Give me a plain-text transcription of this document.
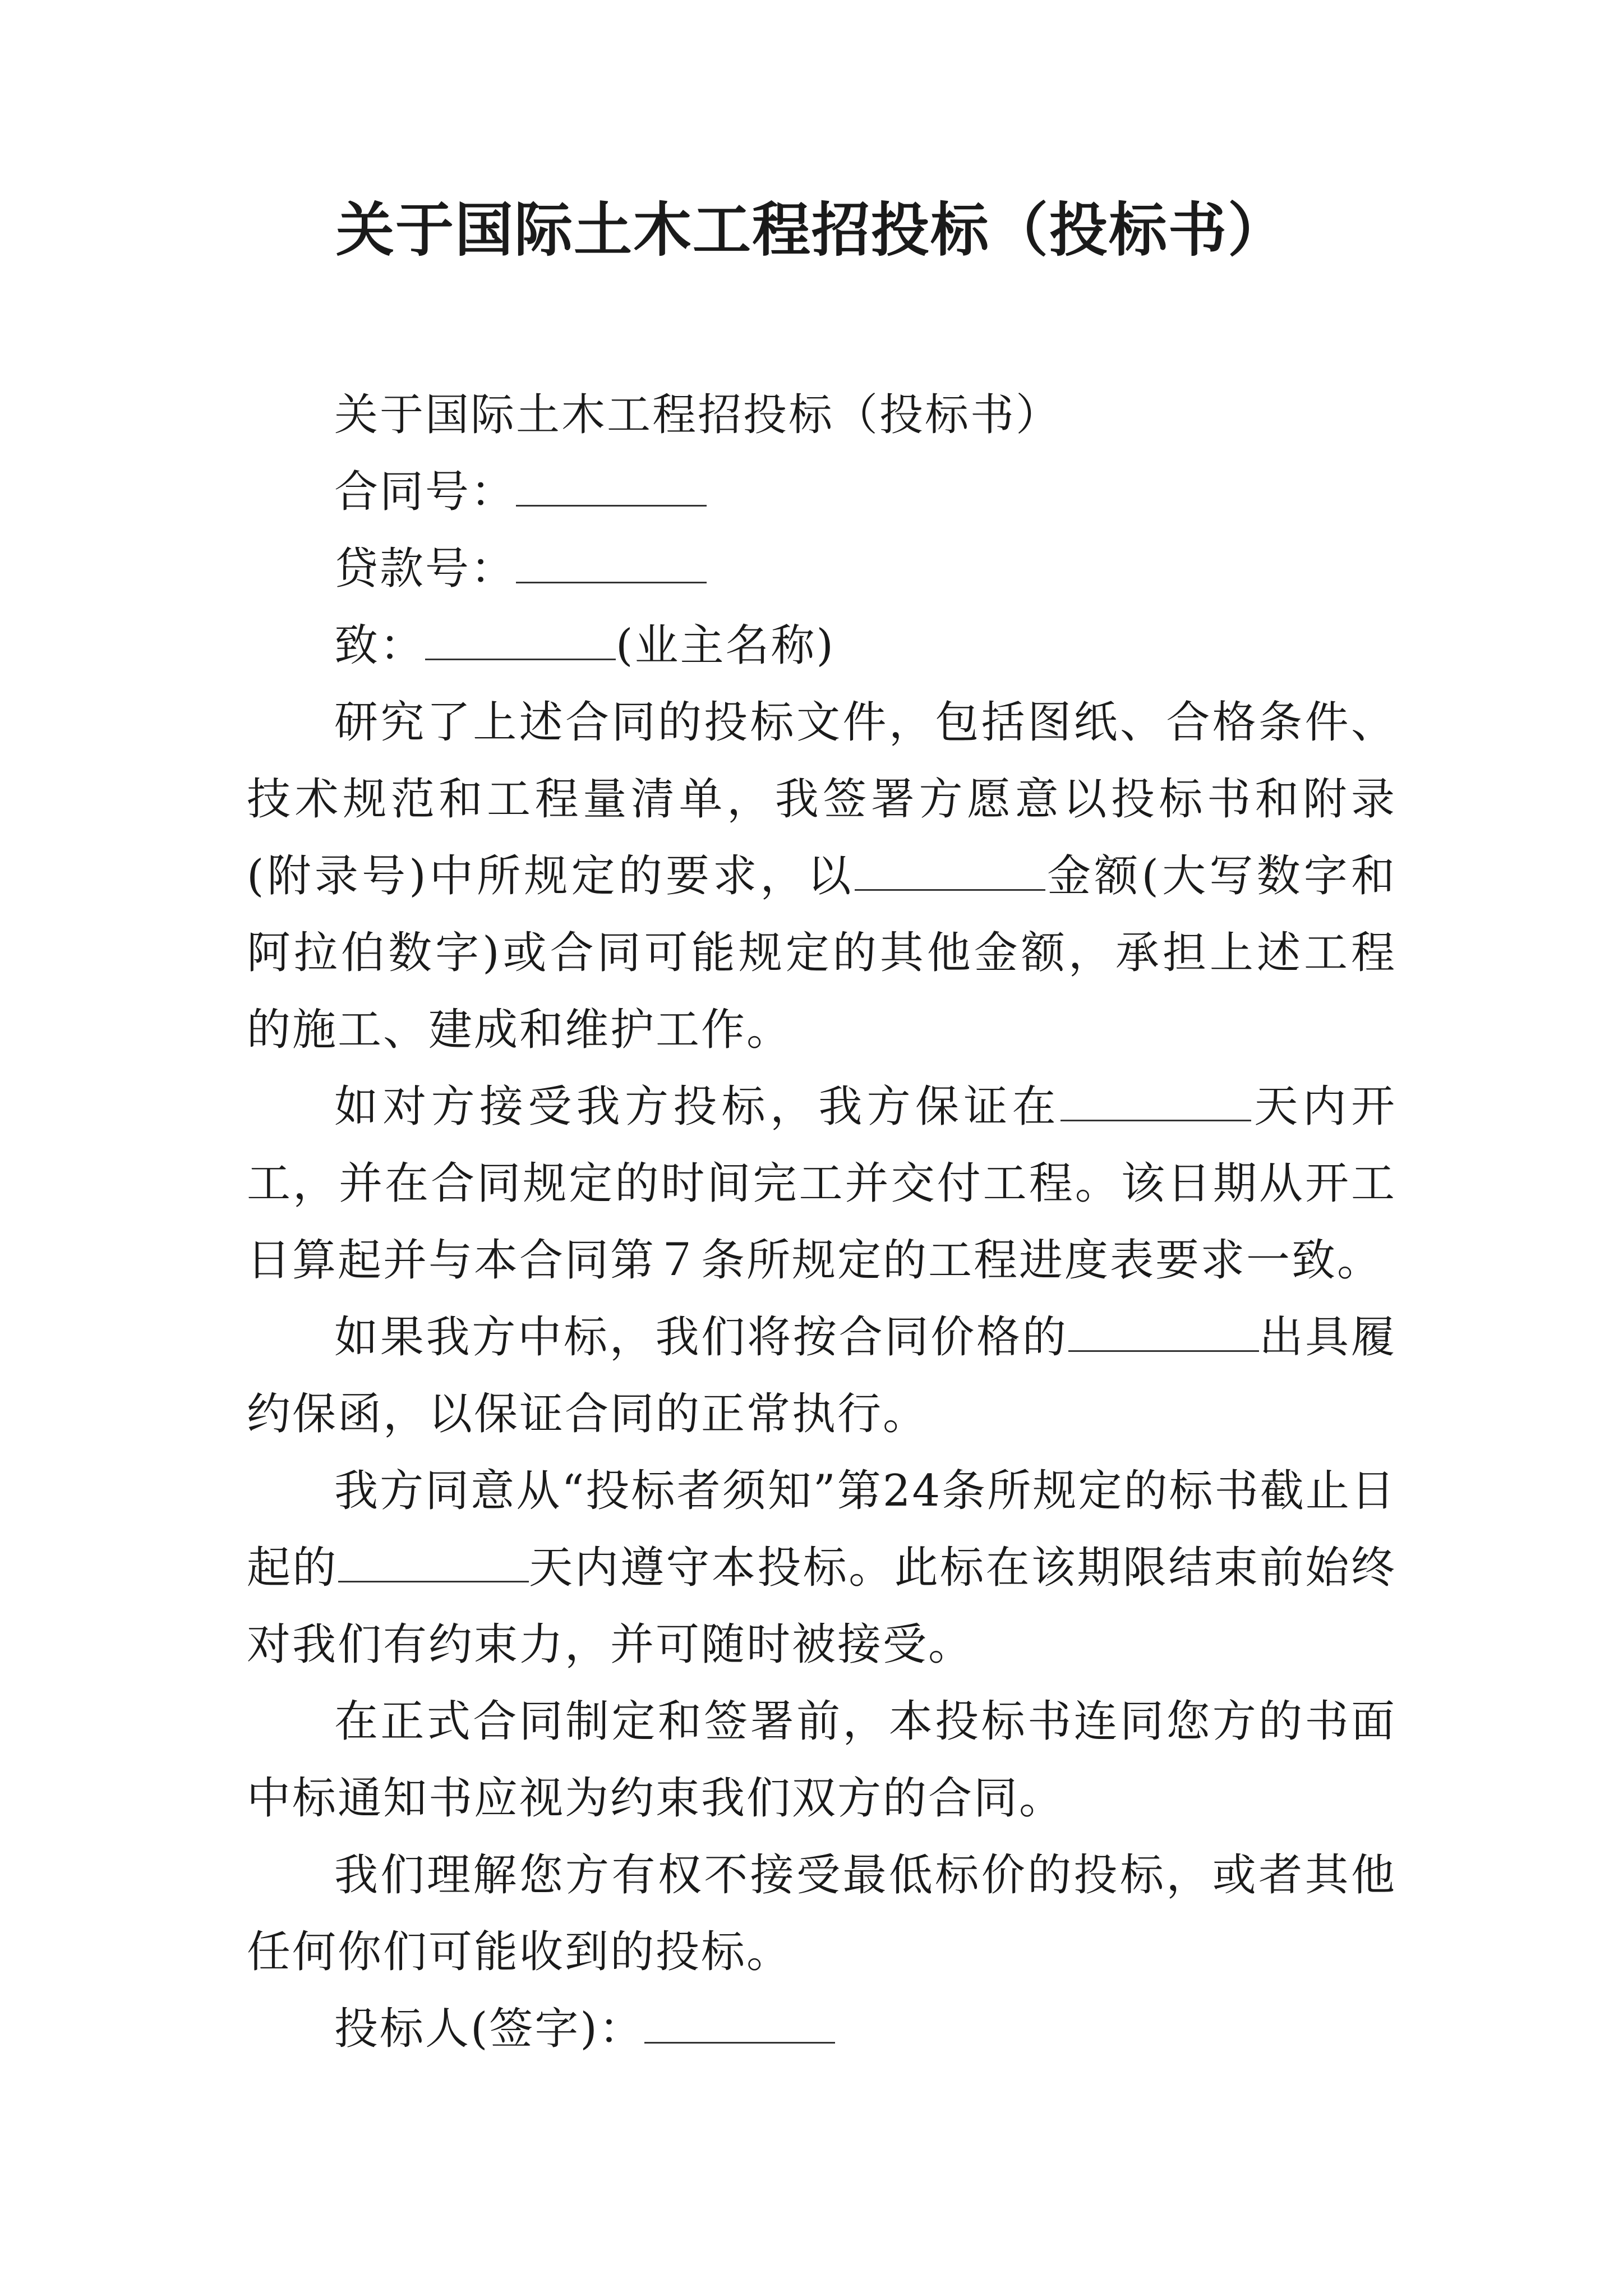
关于国际土木工程招投标（投标书）

关于国际土木工程招投标（投标书）

合同号：

贷款号：

致：	(业主名称)

研究了上述合同的投标文件，包括图纸、合格条件、技术规范和工程量清单，我签署方愿意以投标书和附录(附录号)中所规定的要求，以	金额(大写数字和阿拉伯数字)或合同可能规定的其他金额，承担上述工程的施工、建成和维护工作。

如对方接受我方投标，我方保证在	天内开工，并在合同规定的时间完工并交付工程。该日期从开工日算起并与本合同第７条所规定的工程进度表要求一致。

如果我方中标，我们将按合同价格的	出具履约保函，以保证合同的正常执行。

我方同意从“投标者须知”第24条所规定的标书截止日起的	天内遵守本投标。此标在该期限结束前始终对我们有约束力，并可随时被接受。

在正式合同制定和签署前，本投标书连同您方的书面中标通知书应视为约束我们双方的合同。

我们理解您方有权不接受最低标价的投标，或者其他任何你们可能收到的投标。

投标人(签字)：
